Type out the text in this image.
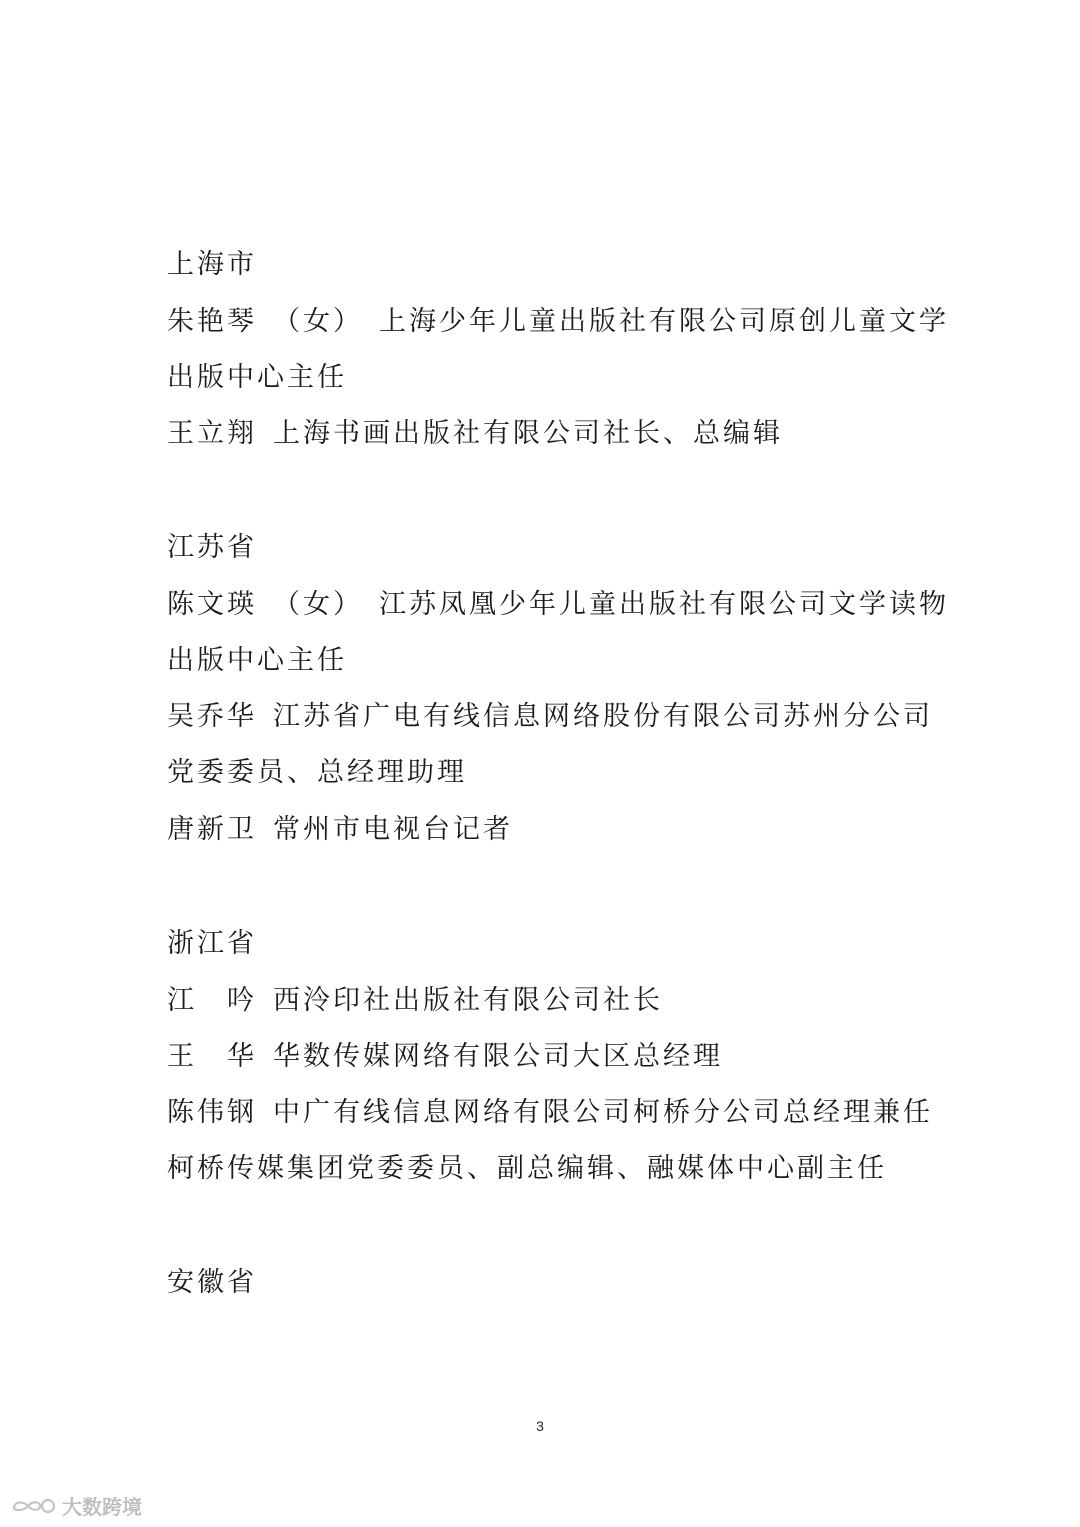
上海市
朱艳琴 （女） 上海少年儿童出版社有限公司原创儿童文学
出版中心主任
王立翔 上海书画出版社有限公司社长、总编辑
江苏省
陈文瑛 （女） 江苏凤凰少年儿童出版社有限公司文学读物
出版中心主任
吴乔华 江苏省广电有线信息网络股份有限公司苏州分公司
党委委员、总经理助理
唐新卫 常州市电视台记者
浙江省
江　吟 西泠印社出版社有限公司社长
王　华 华数传媒网络有限公司大区总经理
陈伟钢 中广有线信息网络有限公司柯桥分公司总经理兼任
柯桥传媒集团党委委员、副总编辑、融媒体中心副主任
安徽省
3
大数跨境
